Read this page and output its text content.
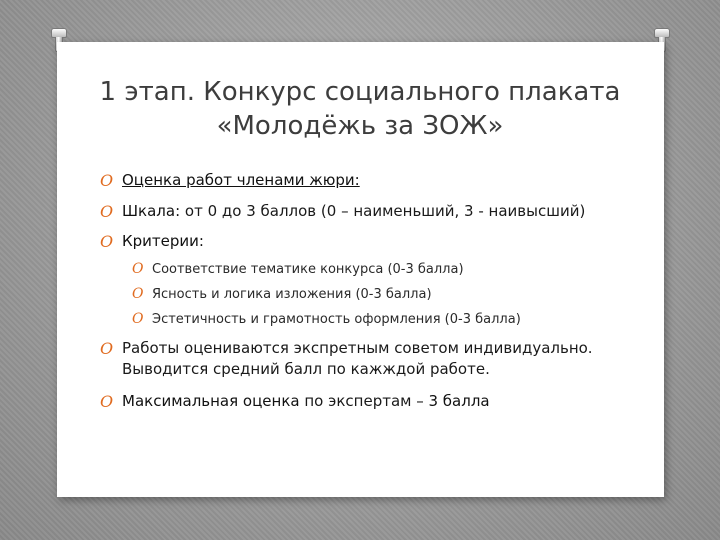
1 этап. Конкурс социального плаката
«Молодёжь за ЗОЖ»
O Оценка работ членами жюри:
O Шкала: от 0 до 3 баллов (0 – наименьший, 3 - наивысший)
O Критерии:
O Соответствие тематике конкурса (0-3 балла)
O Ясность и логика изложения (0-3 балла)
O Эстетичность и грамотность оформления (0-3 балла)
O Работы оцениваются экспретным советом индивидуально.
Выводится средний балл по кажждой работе.
O Максимальная оценка по экспертам – 3 балла
